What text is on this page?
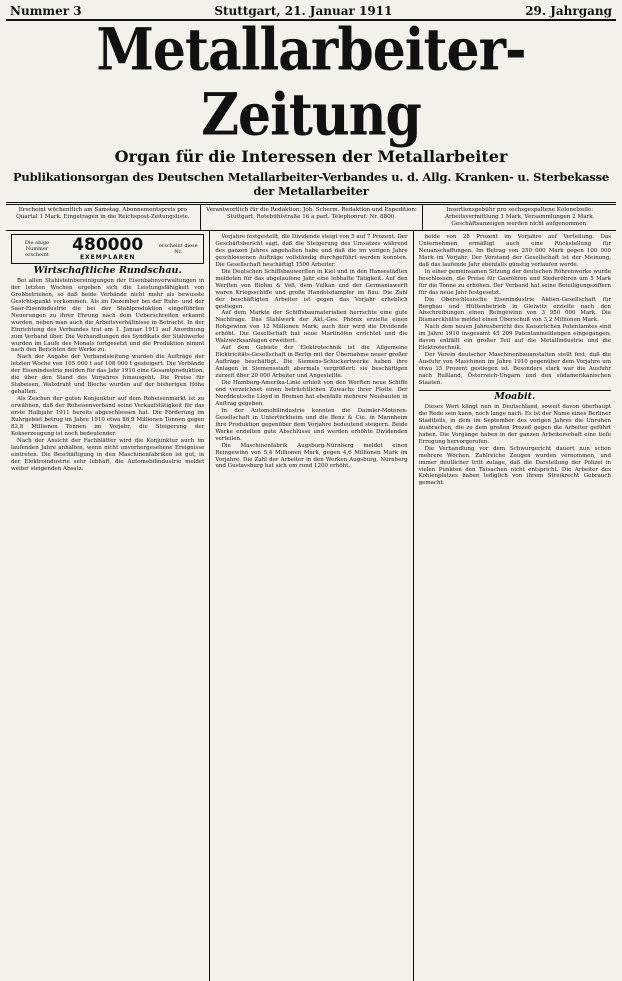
Nummer 3	Stuttgart, 21. Januar 1911	29. Jahrgang
Metallarbeiter-Zeitung
Organ für die Interessen der Metallarbeiter
Publikationsorgan des Deutschen Metallarbeiter-Verbandes u. d. Allg. Kranken- u. Sterbekasse der Metallarbeiter
Erscheint wöchentlich am Samstag. Abonnementspreis pro Quartal 1 Mark. Eingetragen in die Reichspost-Zeitungsliste.
Verantwortlich für die Redaktion: Joh. Scherm. Redaktion und Expedition: Stuttgart, Rotebühlstraße 16 a part. Telephonruf: Nr. 8800.
Insertionsgebühr pro sechsgespaltene Kolonelzeile: Arbeitsvermittlung 1 Mark, Versammlungen 2 Mark. Geschäftsanzeigen werden nicht aufgenommen.
Die obige Nummer erscheint	480000
EXEMPLAREN
erscheint diese Nr.
Wirtschaftliche Rundschau.

Bei allen Stahlsteinbereinigungen der Eisenbahnverwaltungen in der letzten Wochen ergeben sich die Leistungsfähigkeit von Großbetrieben, so daß beide Verbände nicht mehr als bewusste Gesichtspunkt vorkommen. Als im Dezember bei der Ruhr- und der Saar-Eisenindustrie die bei der Stahlproduktion eingeführten Neuerungen zu ihrer Ehrung nach dem Ueberschreiten erkannt wurden, neben man auch die Arbeitsverhältnisse in Betracht. In der Einrichtung des Verbandes trat am 1. Januar 1911 auf Anordnung zum Verband über. Die Verhandlungen des Syndikats der Stahlwerke wurden im Laufe des Monats fortgesetzt und die Produktion nimmt nach den Berichten der Werke zu.

Nach der Angabe der Verbandsleitung wurden die Aufträge der letzten Woche von 105 000 t auf 108 000 t gesteigert. Die Verbände der Eisenindustrie melden für das Jahr 1910 eine Gesamtproduktion, die über den Stand des Vorjahres hinausgeht. Die Preise für Stabeisen, Walzdraht und Bleche wurden auf der bisherigen Höhe gehalten.

Als Zeichen der guten Konjunktur auf dem Roheisenmarkt ist zu erwähnen, daß der Roheisenverband seine Verkaufstätigkeit für das erste Halbjahr 1911 bereits abgeschlossen hat. Die Förderung im Ruhrgebiet betrug im Jahre 1910 etwa 88,9 Millionen Tonnen gegen 82,8 Millionen Tonnen im Vorjahr, die Steigerung der Kokserzeugung ist noch bedeutender.

Nach der Ansicht der Fachblätter wird die Konjunktur auch im laufenden Jahre anhalten, wenn nicht unvorhergesehene Ereignisse eintreten. Die Beschäftigung in den Maschinenfabriken ist gut, in der Elektroindustrie sehr lebhaft, die Automobilindustrie meldet weiter steigenden Absatz.

Vorjahre festgestellt, die Dividende steigt von 5 auf 7 Prozent. Der Geschäftsbericht sagt, daß die Steigerung des Umsatzes während des ganzen Jahres angehalten habe und daß die im vorigen Jahre geschlossenen Aufträge vollständig durchgeführt werden konnten. Die Gesellschaft beschäftigt 1500 Arbeiter.

Die Deutschen Schiffsbauwerften in Kiel und in den Hansestädten meldeten für das abgelaufene Jahr eine lebhafte Tätigkeit. Auf den Werften von Blohm & Voß, dem Vulkan und der Germaniawerft waren Kriegsschiffe und große Handelsdampfer im Bau. Die Zahl der beschäftigten Arbeiter ist gegen das Vorjahr erheblich gestiegen.

Auf dem Markte der Schiffsbaumaterialien herrschte eine gute Nachfrage. Das Stahlwerk der Akt.-Ges. Phönix erzielte einen Rohgewinn von 12 Millionen Mark; auch hier wird die Dividende erhöht. Die Gesellschaft hat neue Martinöfen errichtet und die Walzwerksanlagen erweitert.

Auf dem Gebiete der Elektrotechnik ist die Allgemeine Elektricitäts-Gesellschaft in Berlin mit der Übernahme neuer großer Aufträge beschäftigt. Die Siemens-Schuckertwerke haben ihre Anlagen in Siemensstadt abermals vergrößert; sie beschäftigen zurzeit über 20 000 Arbeiter und Angestellte.

Die Hamburg-Amerika-Linie erhielt von den Werften neue Schiffe und verzeichnet einen beträchtlichen Zuwachs ihrer Flotte. Der Norddeutsche Lloyd in Bremen hat ebenfalls mehrere Neubauten in Auftrag gegeben.

In der Automobilindustrie konnten die Daimler-Motoren-Gesellschaft in Untertürkheim und die Benz & Cie. in Mannheim ihre Produktion gegenüber dem Vorjahre bedeutend steigern. Beide Werke erzielten gute Abschlüsse und werden erhöhte Dividenden verteilen.

Die Maschinenfabrik Augsburg-Nürnberg meldet einen Reingewinn von 5,4 Millionen Mark, gegen 4,6 Millionen Mark im Vorjahre. Die Zahl der Arbeiter in den Werken Augsburg, Nürnberg und Gustavsburg hat sich um rund 1200 erhöht.

beide von 28 Prozent im Vorjahre auf Verteilung. Das Unternehmen ermäßigt auch eine Rückstellung für Neuanschaffungen. Im Betrag von 250 000 Mark gegen 100 000 Mark im Vorjahr. Der Vorstand der Gesellschaft ist der Meinung, daß das laufende Jahr ebenfalls günstig verlaufen werde.

In einer gemeinsamen Sitzung der deutschen Röhrenwerke wurde beschlossen, die Preise für Gasröhren und Siederöhren um 5 Mark für die Tonne zu erhöhen. Der Verband hat seine Beteiligungsziffern für das neue Jahr festgesetzt.

Die Oberschlesische Eisenindustrie Aktien-Gesellschaft für Bergbau und Hüttenbetrieb in Gleiwitz erzielte nach den Abschreibungen einen Reingewinn von 3 950 000 Mark. Die Bismarckhütte meldet einen Überschuß von 3,2 Millionen Mark.

Nach dem neuen Jahresbericht des Kaiserlichen Patentamtes sind im Jahre 1910 insgesamt 45 209 Patentanmeldungen eingegangen, davon entfällt ein großer Teil auf die Metallindustrie und die Elektrotechnik.

Der Verein deutscher Maschinenbauanstalten stellt fest, daß die Ausfuhr von Maschinen im Jahre 1910 gegenüber dem Vorjahre um etwa 15 Prozent gestiegen ist. Besonders stark war die Ausfuhr nach Rußland, Österreich-Ungarn und den südamerikanischen Staaten.

Moabit.

Dieses Wort klingt nun in Deutschland, soweit davon überhaupt die Rede sein kann, noch lange nach. Es ist der Name eines Berliner Stadtteils, in dem im September des vorigen Jahres die Unruhen ausbrachen, die zu dem großen Prozeß gegen die Arbeiter geführt haben. Die Vorgänge haben in der ganzen Arbeiterschaft eine tiefe Erregung hervorgerufen.

Die Verhandlung vor dem Schwurgericht dauert nun schon mehrere Wochen. Zahlreiche Zeugen wurden vernommen, und immer deutlicher tritt zutage, daß die Darstellung der Polizei in vielen Punkten den Tatsachen nicht entspricht. Die Arbeiter des Kohlenplatzes haben lediglich von ihrem Streikrecht Gebrauch gemacht.
